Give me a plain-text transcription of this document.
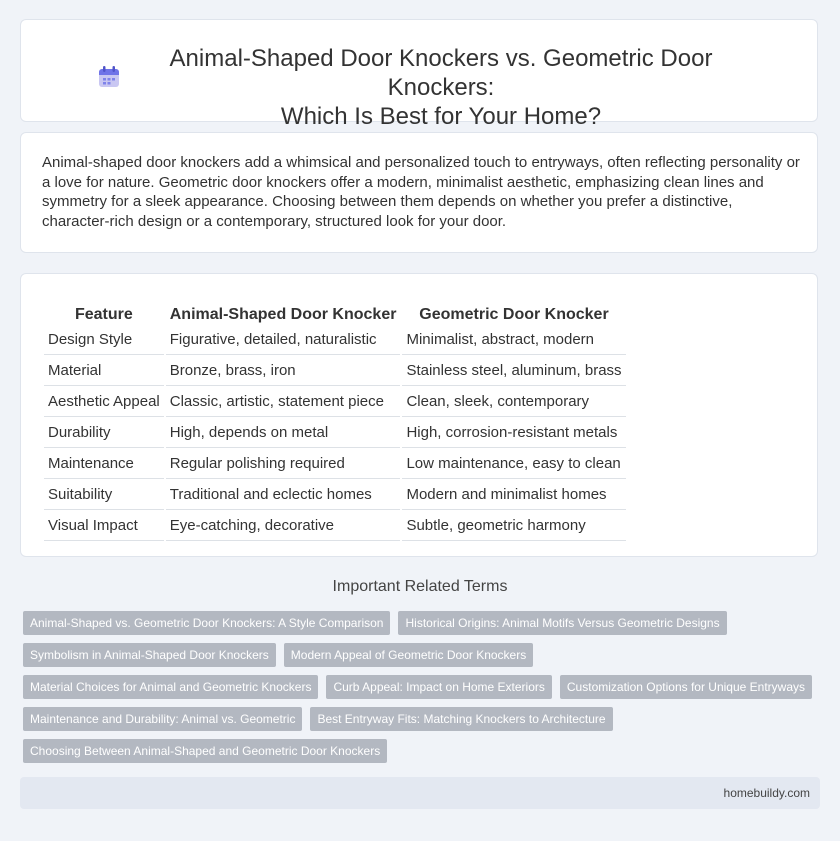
Animal-Shaped Door Knockers vs. Geometric Door Knockers:
Which Is Best for Your Home?

Animal-shaped door knockers add a whimsical and personalized touch to entryways, often reflecting personality or a love for nature. Geometric door knockers offer a modern, minimalist aesthetic, emphasizing clean lines and symmetry for a sleek appearance. Choosing between them depends on whether you prefer a distinctive, character-rich design or a contemporary, structured look for your door.

Feature	Animal-Shaped Door Knocker	Geometric Door Knocker
Design Style	Figurative, detailed, naturalistic	Minimalist, abstract, modern
Material	Bronze, brass, iron	Stainless steel, aluminum, brass
Aesthetic Appeal	Classic, artistic, statement piece	Clean, sleek, contemporary
Durability	High, depends on metal	High, corrosion-resistant metals
Maintenance	Regular polishing required	Low maintenance, easy to clean
Suitability	Traditional and eclectic homes	Modern and minimalist homes
Visual Impact	Eye-catching, decorative	Subtle, geometric harmony
Important Related Terms
Animal-Shaped vs. Geometric Door Knockers: A Style Comparison	Historical Origins: Animal Motifs Versus Geometric Designs
Symbolism in Animal-Shaped Door Knockers	Modern Appeal of Geometric Door Knockers
Material Choices for Animal and Geometric Knockers	Curb Appeal: Impact on Home Exteriors	Customization Options for Unique Entryways
Maintenance and Durability: Animal vs. Geometric	Best Entryway Fits: Matching Knockers to Architecture
Choosing Between Animal-Shaped and Geometric Door Knockers
homebuildy.com
